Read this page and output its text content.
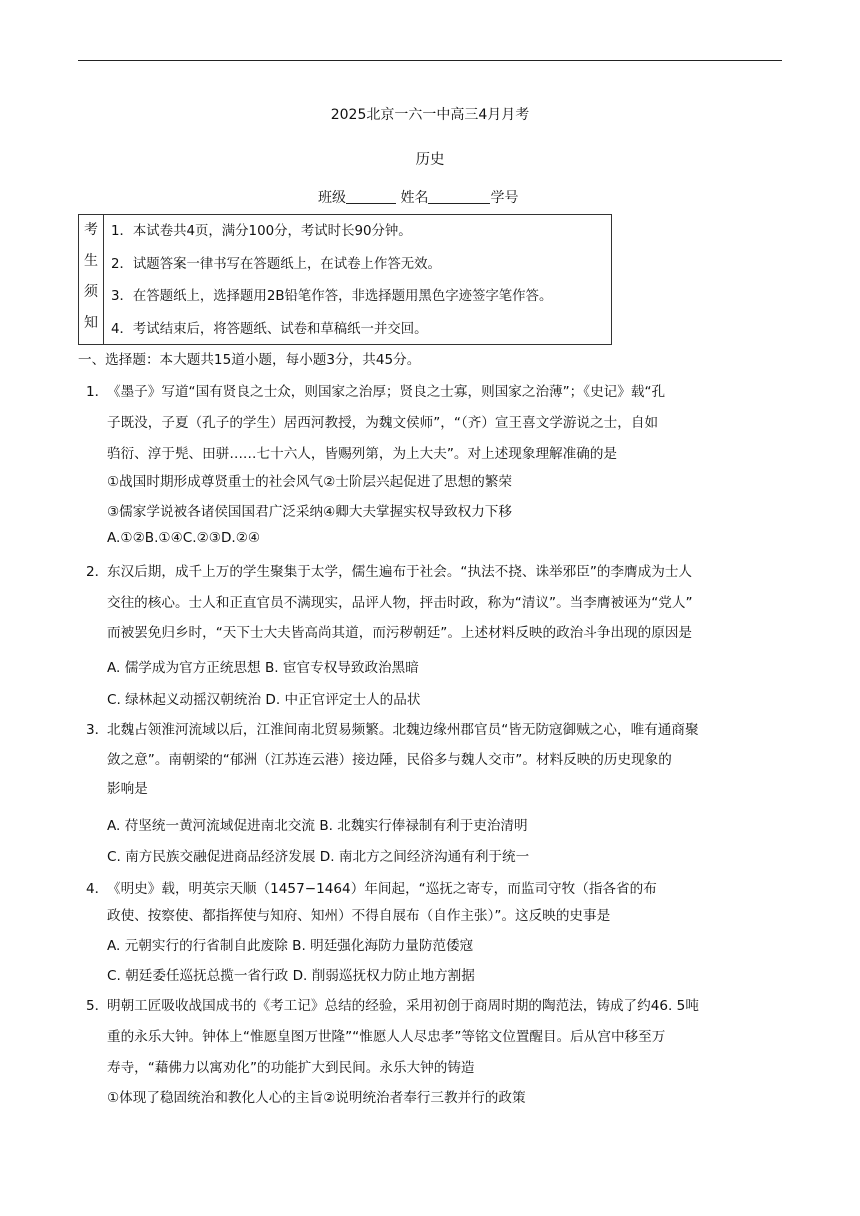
2025北京一六一中高三4月月考
历史
班级	姓名	学号
考
生
须
知
1．本试卷共4页，满分100分，考试时长90分钟。
2．试题答案一律书写在答题纸上，在试卷上作答无效。
3．在答题纸上，选择题用2B铅笔作答，非选择题用黑色字迹签字笔作答。
4．考试结束后，将答题纸、试卷和草稿纸一并交回。
一、选择题：本大题共15道小题，每小题3分，共45分。
1．
《墨子》写道“国有贤良之士众，则国家之治厚；贤良之士寡，则国家之治薄”；《史记》载“孔
子既没，子夏（孔子的学生）居西河教授，为魏文侯师”，“（齐）宣王喜文学游说之士，自如
驺衍、淳于髡、田骈……七十六人，皆赐列第，为上大夫”。对上述现象理解准确的是
①战国时期形成尊贤重士的社会风气②士阶层兴起促进了思想的繁荣
③儒家学说被各诸侯国国君广泛采纳④卿大夫掌握实权导致权力下移
A.①②B.①④C.②③D.②④
2．
东汉后期，成千上万的学生聚集于太学，儒生遍布于社会。“执法不挠、诛举邪臣”的李膺成为士人
交往的核心。士人和正直官员不满现实，品评人物，抨击时政，称为“清议”。当李膺被诬为“党人”
而被罢免归乡时，“天下士大夫皆高尚其道，而污秽朝廷”。上述材料反映的政治斗争出现的原因是
A. 儒学成为官方正统思想 B. 宦官专权导致政治黑暗
C. 绿林起义动摇汉朝统治 D. 中正官评定士人的品状
3．
北魏占领淮河流域以后，江淮间南北贸易频繁。北魏边缘州郡官员“皆无防寇御贼之心，唯有通商聚
敛之意”。南朝梁的“郁洲（江苏连云港）接边陲，民俗多与魏人交市”。材料反映的历史现象的
影响是
A. 苻坚统一黄河流域促进南北交流 B. 北魏实行俸禄制有利于吏治清明
C. 南方民族交融促进商品经济发展 D. 南北方之间经济沟通有利于统一
4．
《明史》载，明英宗天顺（1457−1464）年间起，“巡抚之寄专，而监司守牧（指各省的布
政使、按察使、都指挥使与知府、知州）不得自展布（自作主张）”。这反映的史事是
A. 元朝实行的行省制自此废除 B. 明廷强化海防力量防范倭寇
C. 朝廷委任巡抚总揽一省行政 D. 削弱巡抚权力防止地方割据
5．
明朝工匠吸收战国成书的《考工记》总结的经验，采用初创于商周时期的陶范法，铸成了约46. 5吨
重的永乐大钟。钟体上“惟愿皇图万世隆”“惟愿人人尽忠孝”等铭文位置醒目。后从宫中移至万
寿寺，“藉佛力以寓劝化”的功能扩大到民间。永乐大钟的铸造
①体现了稳固统治和教化人心的主旨②说明统治者奉行三教并行的政策
